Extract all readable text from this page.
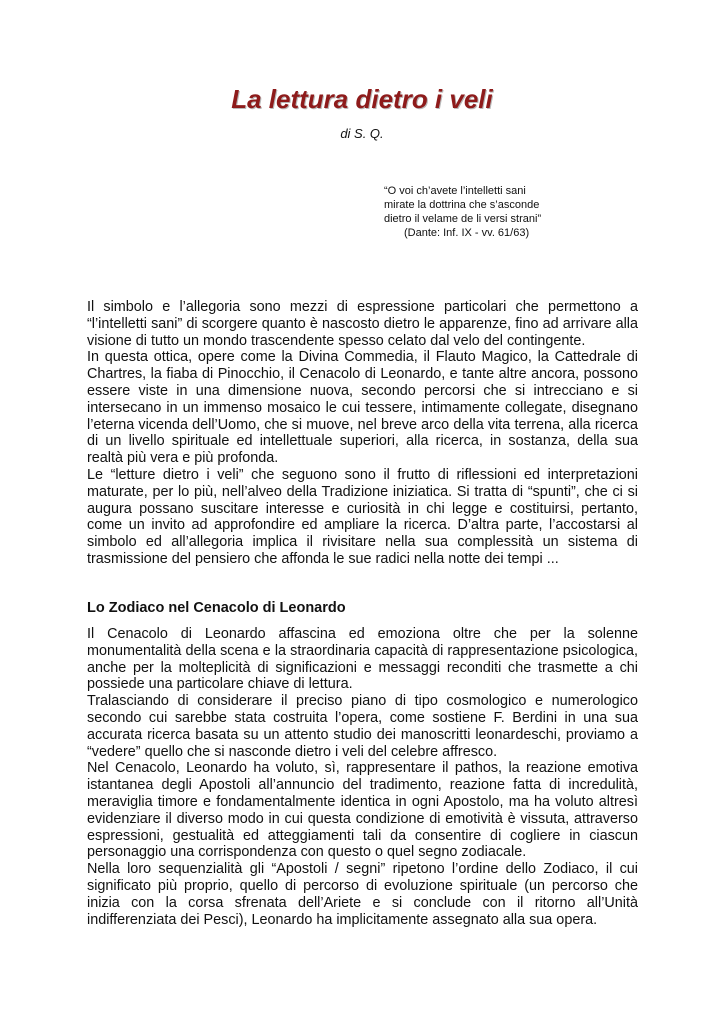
La lettura dietro i veli

di S. Q.

“O voi ch’avete l’intelletti sani
mirate la dottrina che s’asconde
dietro il velame de li versi strani”
(Dante: Inf. IX - vv. 61/63)

Il simbolo e l’allegoria sono mezzi di espressione particolari che permettono a “l’intelletti sani” di scorgere quanto è nascosto dietro le apparenze, fino ad arrivare alla visione di tutto un mondo trascendente spesso celato dal velo del contingente.

In questa ottica, opere come la Divina Commedia, il Flauto Magico, la Cattedrale di Chartres, la fiaba di Pinocchio, il Cenacolo di Leonardo, e tante altre ancora, possono essere viste in una dimensione nuova, secondo percorsi che si intrecciano e si intersecano in un immenso mosaico le cui tessere, intimamente collegate, disegnano l’eterna vicenda dell’Uomo, che si muove, nel breve arco della vita terrena, alla ricerca di un livello spirituale ed intellettuale superiori, alla ricerca, in sostanza, della sua realtà più vera e più profonda.

Le “letture dietro i veli” che seguono sono il frutto di riflessioni ed interpretazioni maturate, per lo più, nell’alveo della Tradizione iniziatica. Si tratta di “spunti”, che ci si augura possano suscitare interesse e curiosità in chi legge e costituirsi, pertanto, come un invito ad approfondire ed ampliare la ricerca. D’altra parte, l’accostarsi al simbolo ed all’allegoria implica il rivisitare nella sua complessità un sistema di trasmissione del pensiero che affonda le sue radici nella notte dei tempi ...

Lo Zodiaco nel Cenacolo di Leonardo

Il Cenacolo di Leonardo affascina ed emoziona oltre che per la solenne monumentalità della scena e la straordinaria capacità di rappresentazione psicologica, anche per la molteplicità di significazioni e messaggi reconditi che trasmette a chi possiede una particolare chiave di lettura.

Tralasciando di considerare il preciso piano di tipo cosmologico e numerologico secondo cui sarebbe stata costruita l’opera, come sostiene F. Berdini in una sua accurata ricerca basata su un attento studio dei manoscritti leonardeschi, proviamo a “vedere” quello che si nasconde dietro i veli del celebre affresco.

Nel Cenacolo, Leonardo ha voluto, sì, rappresentare il pathos, la reazione emotiva istantanea degli Apostoli all’annuncio del tradimento, reazione fatta di incredulità, meraviglia timore e fondamentalmente identica in ogni Apostolo, ma ha voluto altresì evidenziare il diverso modo in cui questa condizione di emotività è vissuta, attraverso espressioni, gestualità ed atteggiamenti tali da consentire di cogliere in ciascun personaggio una corrispondenza con questo o quel segno zodiacale.

Nella loro sequenzialità gli “Apostoli / segni” ripetono l’ordine dello Zodiaco, il cui significato più proprio, quello di percorso di evoluzione spirituale (un percorso che inizia con la corsa sfrenata dell’Ariete e si conclude con il ritorno all’Unità indifferenziata dei Pesci), Leonardo ha implicitamente assegnato alla sua opera.
